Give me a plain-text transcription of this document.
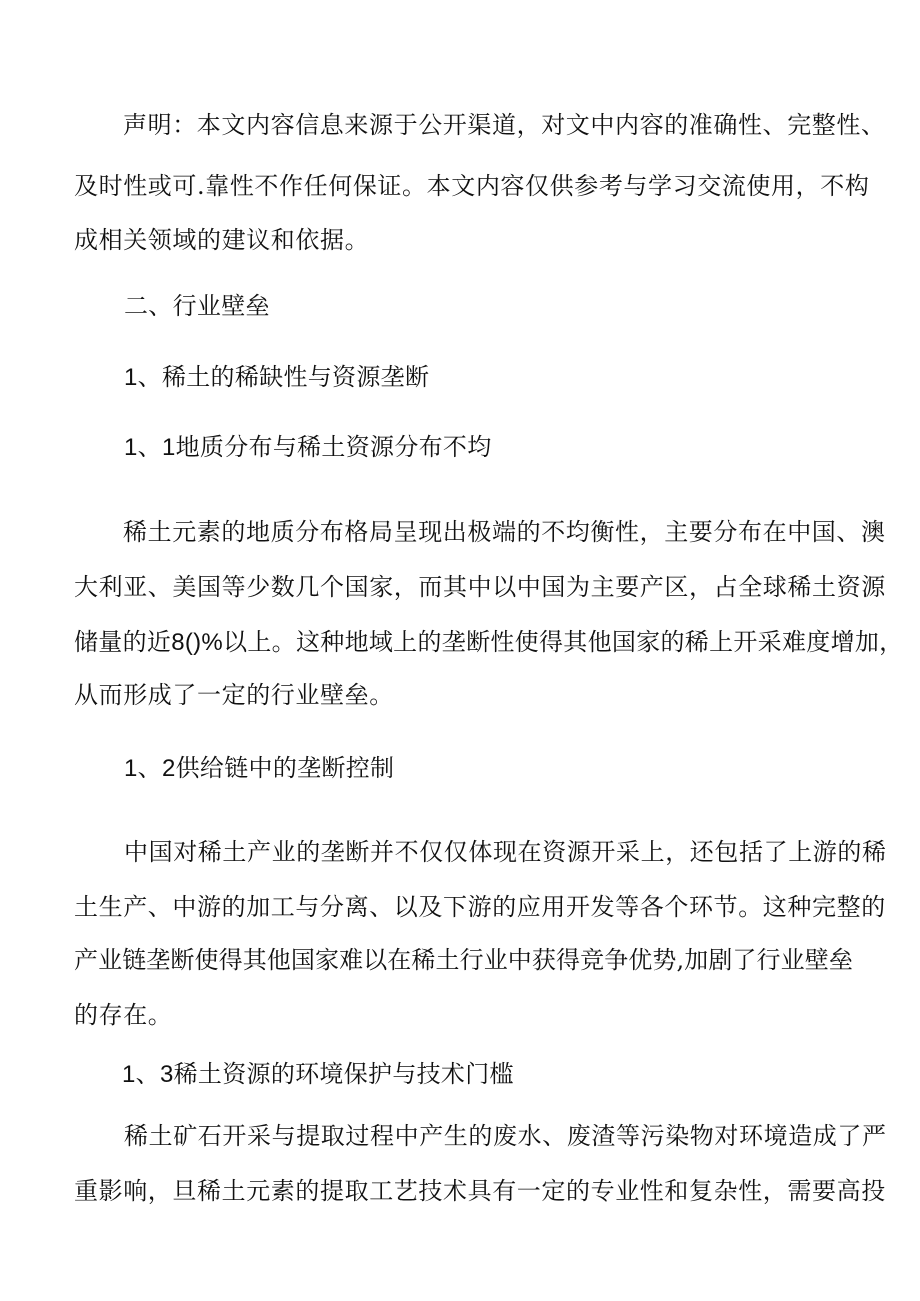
声明：本文内容信息来源于公开渠道，对文中内容的准确性、完整性、
及时性或可.靠性不作任何保证。本文内容仅供参考与学习交流使用，不构
成相关领域的建议和依据。
二、行业壁垒
1、稀土的稀缺性与资源垄断
1、1地质分布与稀土资源分布不均
稀土元素的地质分布格局呈现出极端的不均衡性，主要分布在中国、澳
大利亚、美国等少数几个国家，而其中以中国为主要产区，占全球稀土资源
储量的近8()%以上。这种地域上的垄断性使得其他国家的稀上开采难度增加，
从而形成了一定的行业壁垒。
1、2供给链中的垄断控制
中国对稀土产业的垄断并不仅仅体现在资源开采上，还包括了上游的稀
土生产、中游的加工与分离、以及下游的应用开发等各个环节。这种完整的
产业链垄断使得其他国家难以在稀土行业中获得竞争优势,加剧了行业壁垒
的存在。
1、3稀土资源的环境保护与技术门槛
稀土矿石开采与提取过程中产生的废水、废渣等污染物对环境造成了严
重影响，旦稀土元素的提取工艺技术具有一定的专业性和复杂性，需要高投
